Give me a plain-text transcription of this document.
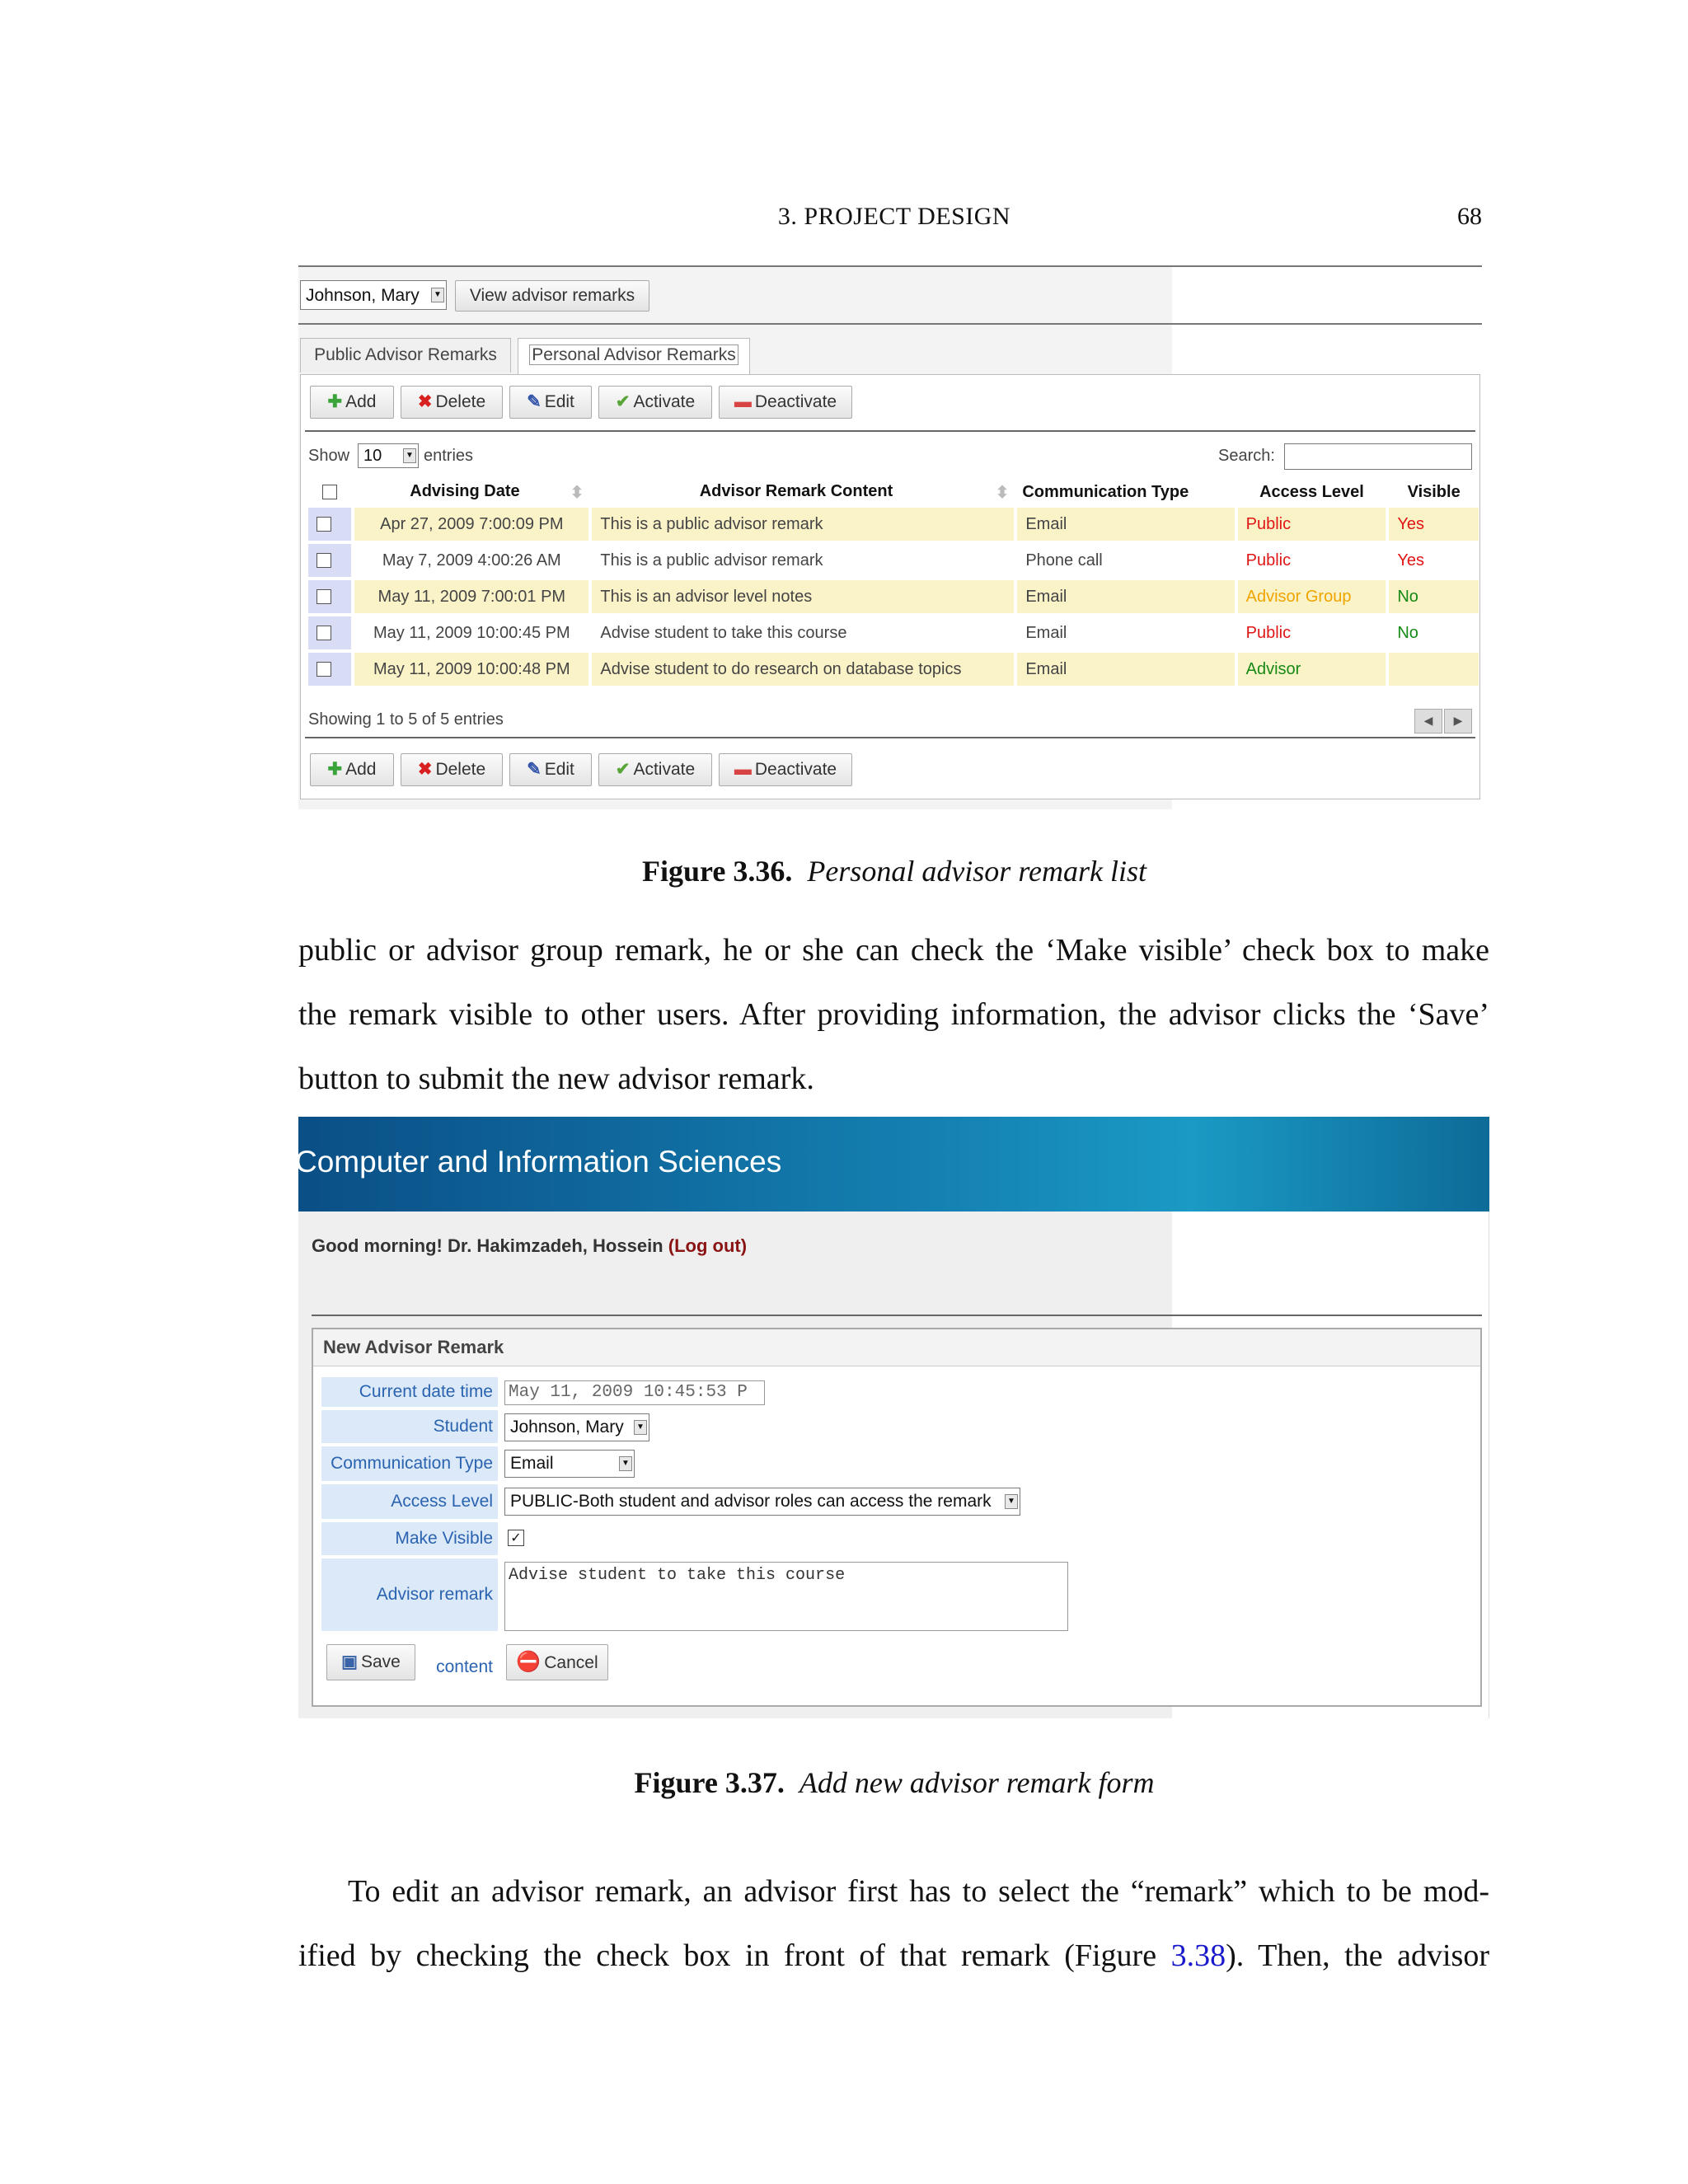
3. PROJECT DESIGN	68
Johnson, Mary	▼	View advisor remarks
Public Advisor Remarks	Personal Advisor Remarks
✚ Add	✖ Delete	✎ Edit	✔ Activate	▬ Deactivate
Show 10	▼ entries	Search:
	Advising Date ⬍	Advisor Remark Content ⬍	Communication Type	Access Level	Visible
	Apr 27, 2009 7:00:09 PM	This is a public advisor remark	Email	Public	Yes
	May 7, 2009 4:00:26 AM	This is a public advisor remark	Phone call	Public	Yes
	May 11, 2009 7:00:01 PM	This is an advisor level notes	Email	Advisor Group	No
	May 11, 2009 10:00:45 PM	Advise student to take this course	Email	Public	No
	May 11, 2009 10:00:48 PM	Advise student to do research on database topics	Email	Advisor	
Showing 1 to 5 of 5 entries	◀	▶
✚ Add	✖ Delete	✎ Edit	✔ Activate	▬ Deactivate
Figure 3.36. Personal advisor remark list
public or advisor group remark, he or she can check the ‘Make visible’ check box to make
the remark visible to other users. After providing information, the advisor clicks the ‘Save’
button to submit the new advisor remark.
Computer and Information Sciences
Good morning! Dr. Hakimzadeh, Hossein (Log out)
New Advisor Remark
Current date time May 11, 2009 10:45:53 P
Student	Johnson, Mary	▼
Communication Type	Email	▼
Access Level	PUBLIC-Both student and advisor roles can access the remark	▼
Make Visible	✓
Advisor remark content
Advise student to take this course
▣ Save	⛔ Cancel
Figure 3.37. Add new advisor remark form
To edit an advisor remark, an advisor first has to select the “remark” which to be mod-
ified by checking the check box in front of that remark (Figure 3.38). Then, the advisor
